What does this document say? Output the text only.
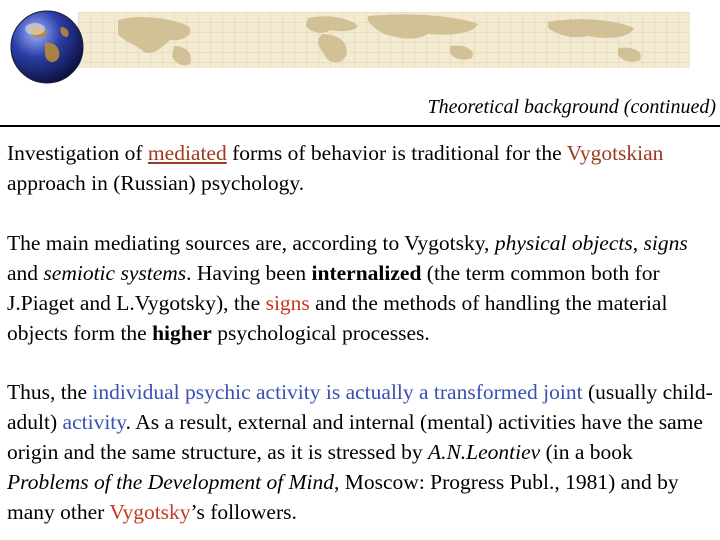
Theoretical background (continued)

Investigation of mediated forms of behavior is traditional for the Vygotskian approach in (Russian) psychology.

The main mediating sources are, according to Vygotsky, physical objects, signs and semiotic systems. Having been internalized (the term common both for J.Piaget and L.Vygotsky), the signs and the methods of handling the material objects form the higher psychological processes.

Thus, the individual psychic activity is actually a transformed joint (usually child-adult) activity. As a result, external and internal (mental) activities have the same origin and the same structure, as it is stressed by A.N.Leontiev (in a book Problems of the Development of Mind, Moscow: Progress Publ., 1981) and by many other Vygotsky’s followers.
